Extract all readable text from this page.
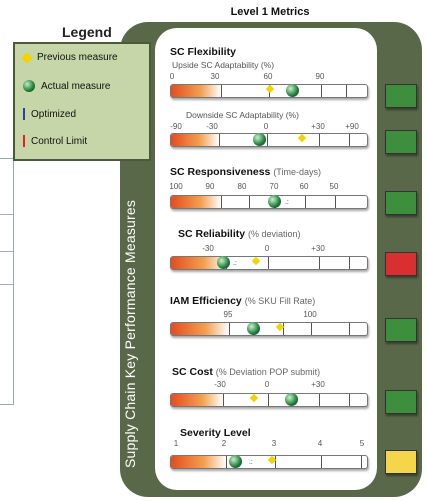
Level 1 Metrics
Legend
Supply Chain Key Performance Measures
Previous measure
Actual measure
Optimized
Control Limit
SC Flexibility
Upside SC Adaptability (%)
0	30	60	90
Downside SC Adaptability (%)
-90	-30	0	+30	+90
SC Responsiveness (Time-days)
100	90	80	70	60	50
. :
SC Reliability (% deviation)
-30	0	+30
. :
IAM Efficiency (% SKU Fill Rate)
95	100
SC Cost (% Deviation POP submit)
-30	0	+30
Severity Level
1	2	3	4	5
. :
